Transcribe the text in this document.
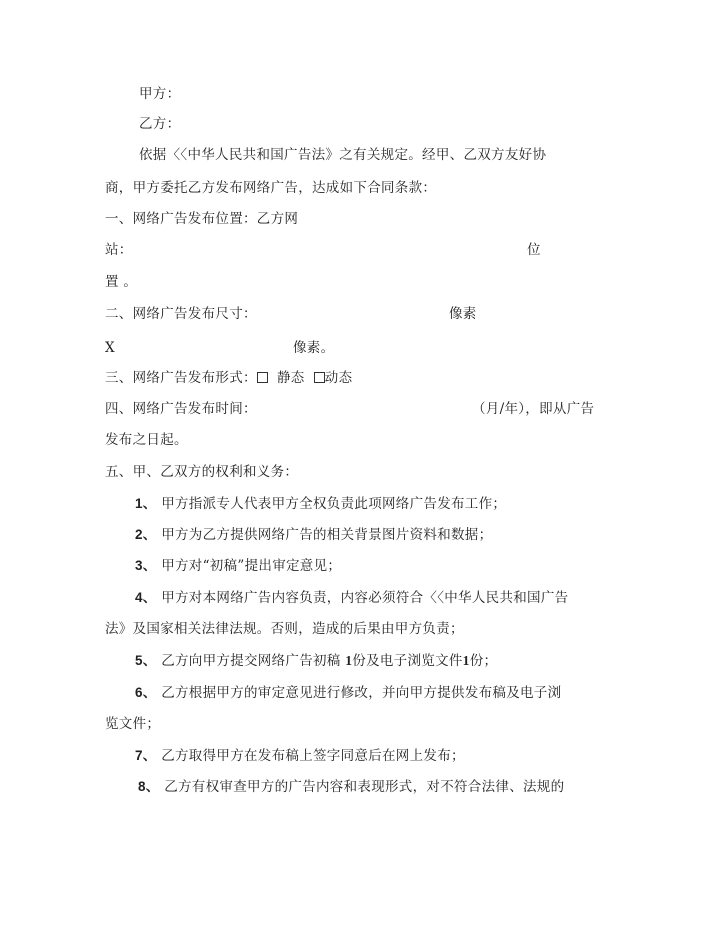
甲方：
乙方：
依据〈〈中华人民共和国广告法》之有关规定。经甲、乙双方友好协
商，甲方委托乙方发布网络广告，达成如下合同条款：
一、网络广告发布位置：乙方网
站：	位
置 。
二、网络广告发布尺寸：	像素
X	像素。
三、网络广告发布形式： 静态 动态
四、网络广告发布时间：	（月/年），即从广告
发布之日起。
五、甲、乙双方的权利和义务：
1、 甲方指派专人代表甲方全权负责此项网络广告发布工作；
2、 甲方为乙方提供网络广告的相关背景图片资料和数据；
3、 甲方对“初稿”提出审定意见；
4、 甲方对本网络广告内容负责，内容必须符合〈〈中华人民共和国广告
法》及国家相关法律法规。否则，造成的后果由甲方负责；
5、 乙方向甲方提交网络广告初稿 1份及电子浏览文件1份；
6、 乙方根据甲方的审定意见进行修改，并向甲方提供发布稿及电子浏
览文件；
7、 乙方取得甲方在发布稿上签字同意后在网上发布；
8、 乙方有权审查甲方的广告内容和表现形式，对不符合法律、法规的
